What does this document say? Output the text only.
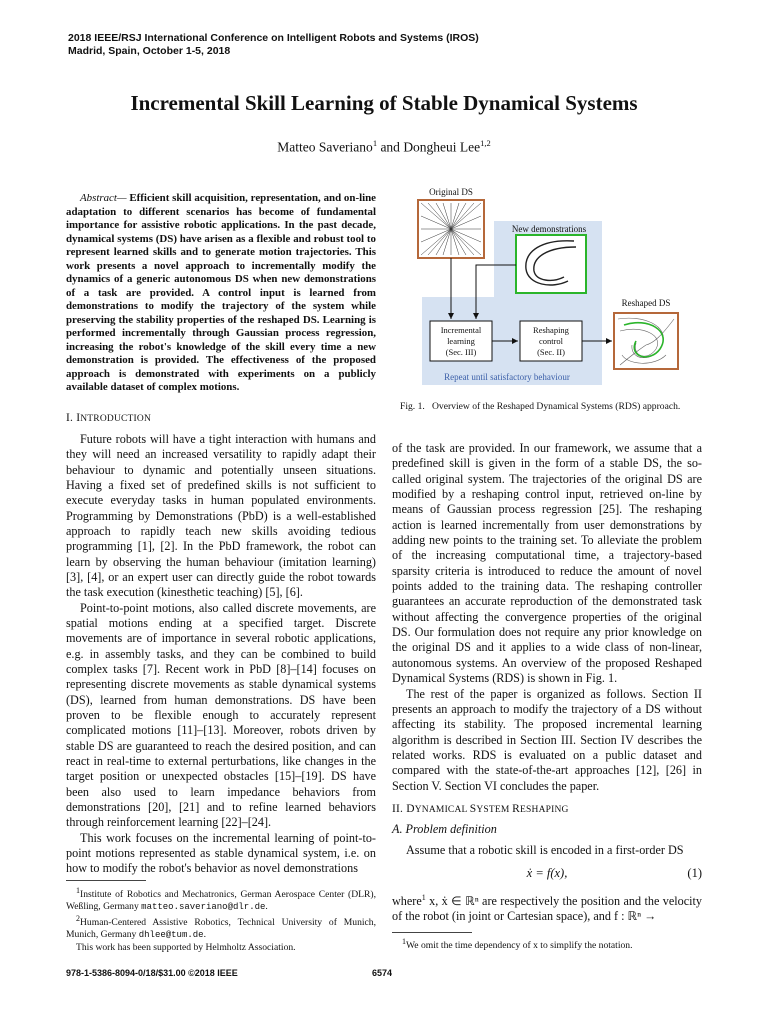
2018 IEEE/RSJ International Conference on Intelligent Robots and Systems (IROS)
Madrid, Spain, October 1-5, 2018
Incremental Skill Learning of Stable Dynamical Systems
Matteo Saveriano$^1$ and Dongheui Lee$^{1,2}$

Abstract— Efficient skill acquisition, representation, and on-line adaptation to different scenarios has become of fundamental importance for assistive robotic applications. In the past decade, dynamical systems (DS) have arisen as a flexible and robust tool to represent learned skills and to generate motion trajectories. This work presents a novel approach to incrementally modify the dynamics of a generic autonomous DS when new demonstrations of a task are provided. A control input is learned from demonstrations to modify the trajectory of the system while preserving the stability properties of the reshaped DS. Learning is performed incrementally through Gaussian process regression, increasing the robot's knowledge of the skill every time a new demonstration is provided. The effectiveness of the proposed approach is demonstrated with experiments on a publicly available dataset of complex motions.

I. INTRODUCTION

Future robots will have a tight interaction with humans and they will need an increased versatility to rapidly adapt their behaviour to dynamic and potentially unseen situations. Having a fixed set of predefined skills is not sufficient to execute everyday tasks in human populated environments. Programming by Demonstrations (PbD) is a well-established approach to rapidly teach new skills avoiding tedious programming [1], [2]. In the PbD framework, the robot can learn by observing the human behaviour (imitation learning) [3], [4], or an expert user can directly guide the robot towards the task execution (kinesthetic teaching) [5], [6].

Point-to-point motions, also called discrete movements, are spatial motions ending at a specified target. Discrete movements are of importance in several robotic applications, e.g. in assembly tasks, and they can be combined to build complex tasks [7]. Recent work in PbD [8]–[14] focuses on representing discrete movements as stable dynamical systems (DS), learned from human demonstrations. DS have been proven to be flexible enough to accurately represent complicated motions [11]–[13]. Moreover, robots driven by stable DS are guaranteed to reach the desired position, and can react in real-time to external perturbations, like changes in the target position or unexpected obstacles [15]–[19]. DS have been also used to learn impedance behaviors from demonstrations [20], [21] and to refine learned behaviors through reinforcement learning [22]–[24].

This work focuses on the incremental learning of point-to-point motions represented as stable dynamical system, i.e. on how to modify the robot's behavior as novel demonstrations

$^1$Institute of Robotics and Mechatronics, German Aerospace Center (DLR), Weßling, Germany matteo.saveriano@dlr.de.

$^2$Human-Centered Assistive Robotics, Technical University of Munich, Munich, Germany dhlee@tum.de.

This work has been supported by Helmholtz Association.

Original DS
New demonstrations
Reshaped DS
Incremental
learning
(Sec. III)
Reshaping
control
(Sec. II)
Repeat until satisfactory behaviour
Fig. 1. Overview of the Reshaped Dynamical Systems (RDS) approach.

of the task are provided. In our framework, we assume that a predefined skill is given in the form of a stable DS, the so-called original system. The trajectories of the original DS are modified by a reshaping control input, retrieved on-line by means of Gaussian process regression [25]. The reshaping action is learned incrementally from user demonstrations by adding new points to the training set. To alleviate the problem of the increasing computational time, a trajectory-based sparsity criteria is introduced to reduce the amount of novel points added to the training data. The reshaping controller guarantees an accurate reproduction of the demonstrated task without affecting the convergence properties of the original DS. Our formulation does not require any prior knowledge on the original DS and it applies to a wide class of non-linear, autonomous systems. An overview of the proposed Reshaped Dynamical Systems (RDS) is shown in Fig. 1.

The rest of the paper is organized as follows. Section II presents an approach to modify the trajectory of a DS without affecting its stability. The proposed incremental learning algorithm is described in Section III. Section IV describes the related works. RDS is evaluated on a public dataset and compared with the state-of-the-art approaches [12], [26] in Section V. Section VI concludes the paper.

II. DYNAMICAL SYSTEM RESHAPING

A. Problem definition

Assume that a robotic skill is encoded in a first-order DS

ẋ = f(x),	(1)

where$^1$ x, ẋ ∈ ℝⁿ are respectively the position and the velocity of the robot (in joint or Cartesian space), and f : ℝⁿ →

$^1$We omit the time dependency of x to simplify the notation.

978-1-5386-8094-0/18/$31.00 ©2018 IEEE	6574
